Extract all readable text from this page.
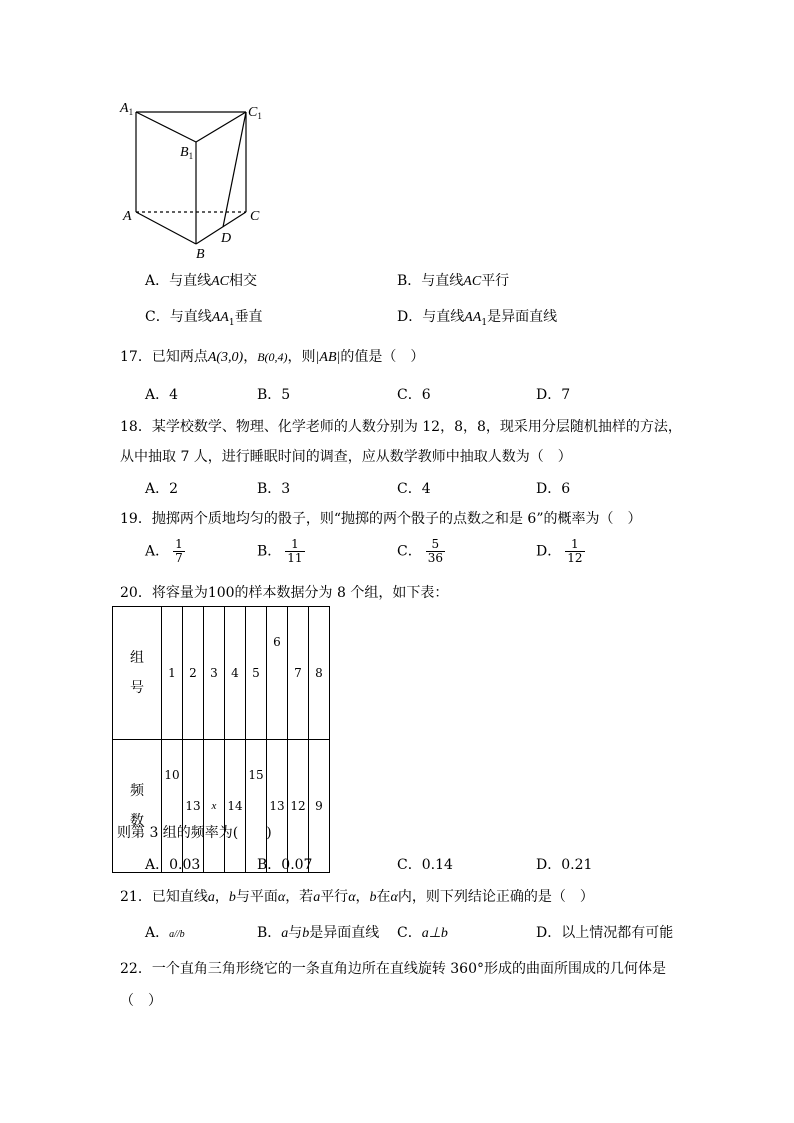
$A_1$	$C_1$
$B_1$
A	C
B
D
A．与直线AC相交	B．与直线AC平行
C．与直线$AA_1$垂直	D．与直线$AA_1$是异面直线
17．已知两点A(3,0)，B(0,4)，则|AB|的值是（　）
A．4	B．5	C．6	D．7
18．某学校数学、物理、化学老师的人数分别为 12，8，8，现采用分层随机抽样的方法，
从中抽取 7 人，进行睡眠时间的调查，应从数学教师中抽取人数为（　）
A．2	B．3	C．4	D．6
19．抛掷两个质地均匀的骰子，则“抛掷的两个骰子的点数之和是 6”的概率为（　）
A． $\frac{1}{7}$	B． $\frac{1}{11}$	C． $\frac{5}{36}$	D． $\frac{1}{12}$
20．将容量为100的样本数据分为 8 个组，如下表：
组
号	1	2	3	4	5	6	7	8
频
数	10	13	x	14	15	13	12	9
则第 3 组的频率为(　　)
A．0.03	B．0.07	C．0.14	D．0.21
21．已知直线a，b与平面α，若a平行α，b在α内，则下列结论正确的是（　）
A．a//b	B．a与b是异面直线 C．a⊥b	D．以上情况都有可能
22．一个直角三角形绕它的一条直角边所在直线旋转 360°形成的曲面所围成的几何体是
（　）
